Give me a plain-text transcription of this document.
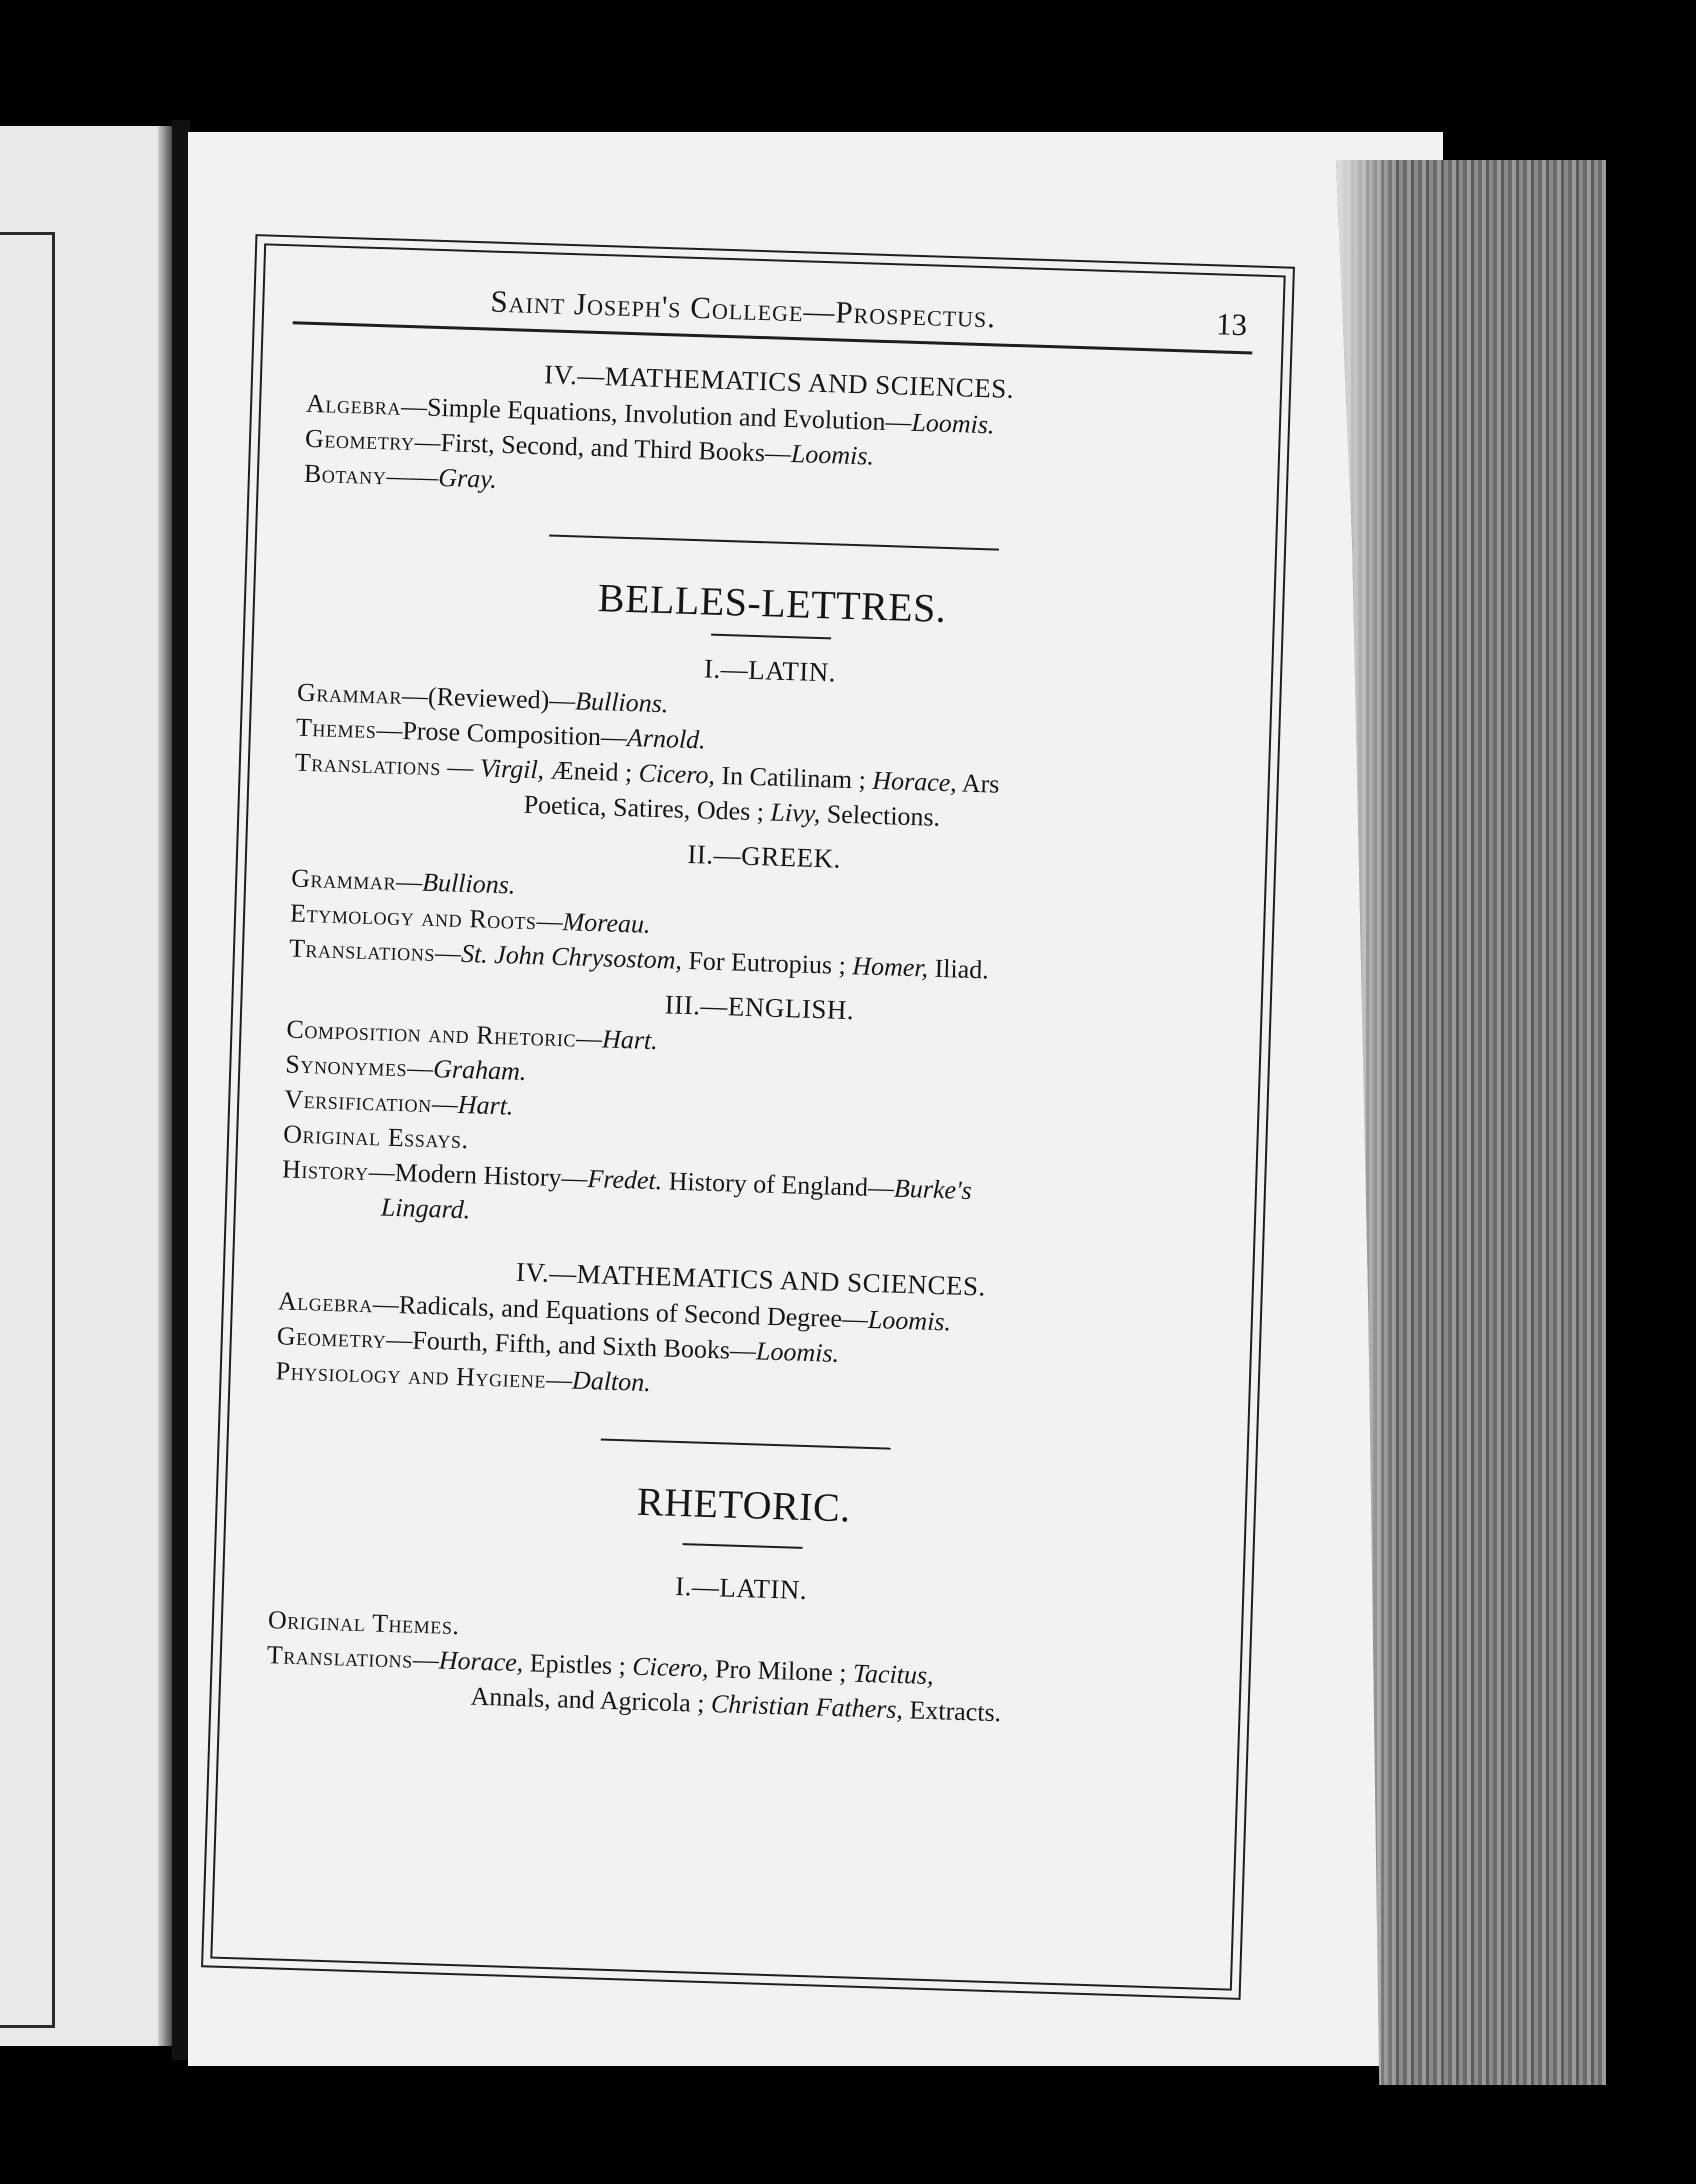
Saint Joseph's College—Prospectus.	13

IV.—MATHEMATICS AND SCIENCES.

Algebra—Simple Equations, Involution and Evolution—Loomis.

Geometry—First, Second, and Third Books—Loomis.

Botany——Gray.

BELLES-LETTRES.

I.—LATIN.

Grammar—(Reviewed)—Bullions.

Themes—Prose Composition—Arnold.

Translations — Virgil, Æneid ; Cicero, In Catilinam ; Horace, Ars

Poetica, Satires, Odes ; Livy, Selections.

II.—GREEK.

Grammar—Bullions.

Etymology and Roots—Moreau.

Translations—St. John Chrysostom, For Eutropius ; Homer, Iliad.

III.—ENGLISH.

Composition and Rhetoric—Hart.

Synonymes—Graham.

Versification—Hart.

Original Essays.

History—Modern History—Fredet. History of England—Burke's

Lingard.

IV.—MATHEMATICS AND SCIENCES.

Algebra—Radicals, and Equations of Second Degree—Loomis.

Geometry—Fourth, Fifth, and Sixth Books—Loomis.

Physiology and Hygiene—Dalton.

RHETORIC.

I.—LATIN.

Original Themes.

Translations—Horace, Epistles ; Cicero, Pro Milone ; Tacitus,

Annals, and Agricola ; Christian Fathers, Extracts.
